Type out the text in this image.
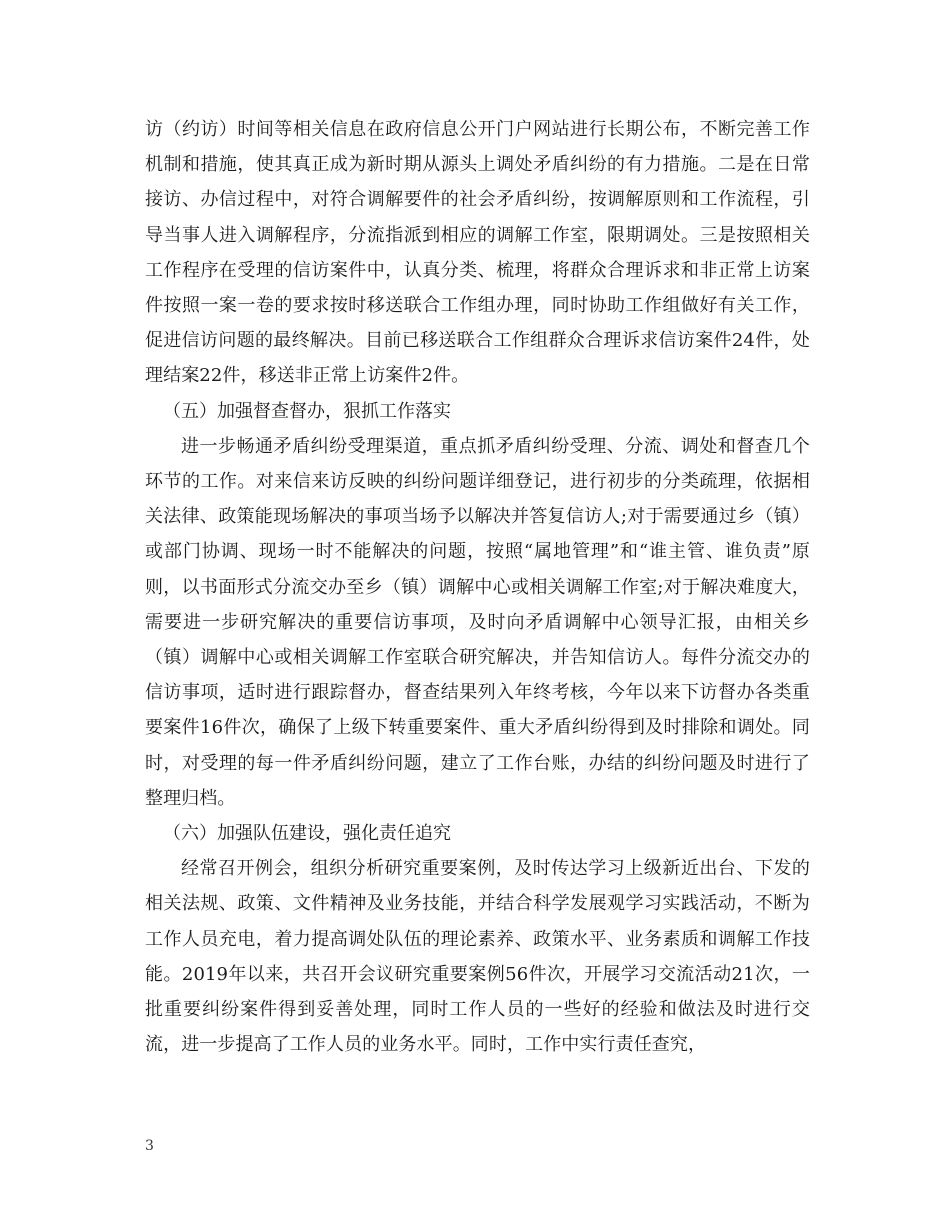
访（约访）时间等相关信息在政府信息公开门户网站进行长期公布，不断完善工作机制和措施，使其真正成为新时期从源头上调处矛盾纠纷的有力措施。二是在日常接访、办信过程中，对符合调解要件的社会矛盾纠纷，按调解原则和工作流程，引导当事人进入调解程序，分流指派到相应的调解工作室，限期调处。三是按照相关工作程序在受理的信访案件中，认真分类、梳理，将群众合理诉求和非正常上访案件按照一案一卷的要求按时移送联合工作组办理，同时协助工作组做好有关工作，促进信访问题的最终解决。目前已移送联合工作组群众合理诉求信访案件24件，处理结案22件，移送非正常上访案件2件。

（五）加强督查督办，狠抓工作落实

进一步畅通矛盾纠纷受理渠道，重点抓矛盾纠纷受理、分流、调处和督查几个环节的工作。对来信来访反映的纠纷问题详细登记，进行初步的分类疏理，依据相关法律、政策能现场解决的事项当场予以解决并答复信访人;对于需要通过乡（镇）或部门协调、现场一时不能解决的问题，按照“属地管理”和“谁主管、谁负责”原则，以书面形式分流交办至乡（镇）调解中心或相关调解工作室;对于解决难度大，需要进一步研究解决的重要信访事项，及时向矛盾调解中心领导汇报，由相关乡（镇）调解中心或相关调解工作室联合研究解决，并告知信访人。每件分流交办的信访事项，适时进行跟踪督办，督查结果列入年终考核，今年以来下访督办各类重要案件16件次，确保了上级下转重要案件、重大矛盾纠纷得到及时排除和调处。同时，对受理的每一件矛盾纠纷问题，建立了工作台账，办结的纠纷问题及时进行了整理归档。

（六）加强队伍建设，强化责任追究

经常召开例会，组织分析研究重要案例，及时传达学习上级新近出台、下发的相关法规、政策、文件精神及业务技能，并结合科学发展观学习实践活动，不断为工作人员充电，着力提高调处队伍的理论素养、政策水平、业务素质和调解工作技能。2019年以来，共召开会议研究重要案例56件次，开展学习交流活动21次，一批重要纠纷案件得到妥善处理，同时工作人员的一些好的经验和做法及时进行交流，进一步提高了工作人员的业务水平。同时，工作中实行责任查究，

3
